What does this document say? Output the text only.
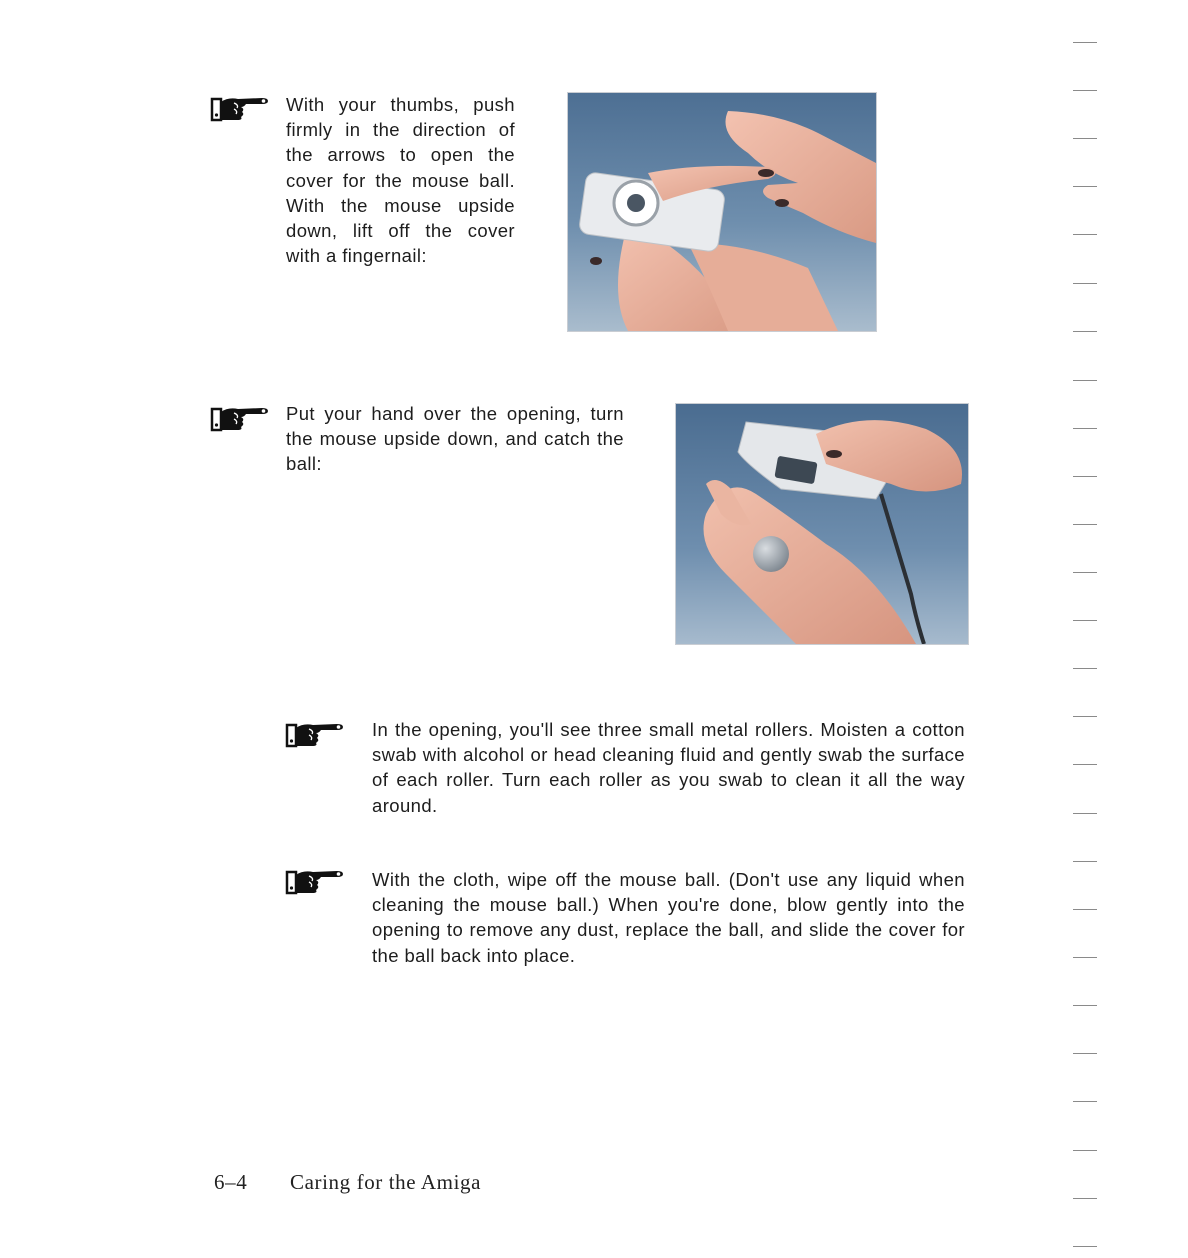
With your thumbs, push firmly in the direction of the arrows to open the cover for the mouse ball. With the mouse upside down, lift off the cover with a fingernail:

Put your hand over the opening, turn the mouse upside down, and catch the ball:

In the opening, you'll see three small metal rollers. Moisten a cotton swab with alcohol or head cleaning fluid and gently swab the surface of each roller. Turn each roller as you swab to clean it all the way around.

With the cloth, wipe off the mouse ball. (Don't use any liquid when cleaning the mouse ball.) When you're done, blow gently into the opening to remove any dust, replace the ball, and slide the cover for the ball back into place.

6–4 Caring for the Amiga
